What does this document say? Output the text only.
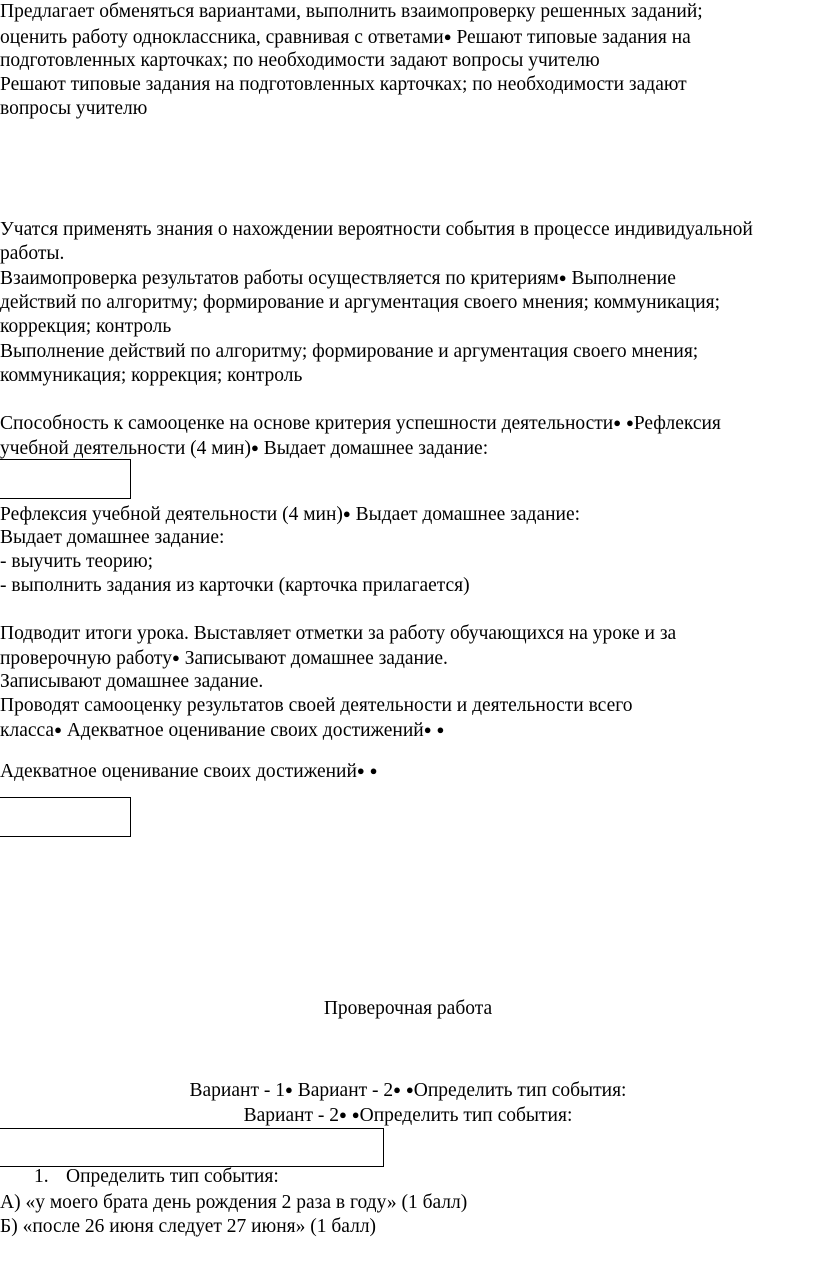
Предлагает обменяться вариантами, выполнить взаимопроверку решенных заданий;
оценить работу одноклассника, сравнивая с ответами● Решают типовые задания на
подготовленных карточках; по необходимости задают вопросы учителю
Решают типовые задания на подготовленных карточках; по необходимости задают
вопросы учителю
Учатся применять знания о нахождении вероятности события в процессе индивидуальной
работы.
Взаимопроверка результатов работы осуществляется по критериям● Выполнение
действий по алгоритму; формирование и аргументация своего мнения; коммуникация;
коррекция; контроль
Выполнение действий по алгоритму; формирование и аргументация своего мнения;
коммуникация; коррекция; контроль
Способность к самооценке на основе критерия успешности деятельности● ●Рефлексия
учебной деятельности (4 мин)● Выдает домашнее задание:
Рефлексия учебной деятельности (4 мин)● Выдает домашнее задание:
Выдает домашнее задание:
- выучить теорию;
- выполнить задания из карточки (карточка прилагается)
Подводит итоги урока. Выставляет отметки за работу обучающихся на уроке и за
проверочную работу● Записывают домашнее задание.
Записывают домашнее задание.
Проводят самооценку результатов своей деятельности и деятельности всего
класса● Адекватное оценивание своих достижений● ●
Адекватное оценивание своих достижений● ●
Проверочная работа
Вариант - 1● Вариант - 2● ●Определить тип события:
Вариант - 2● ●Определить тип события:
1. Определить тип события:
А) «у моего брата день рождения 2 раза в году» (1 балл)
Б) «после 26 июня следует 27 июня» (1 балл)
